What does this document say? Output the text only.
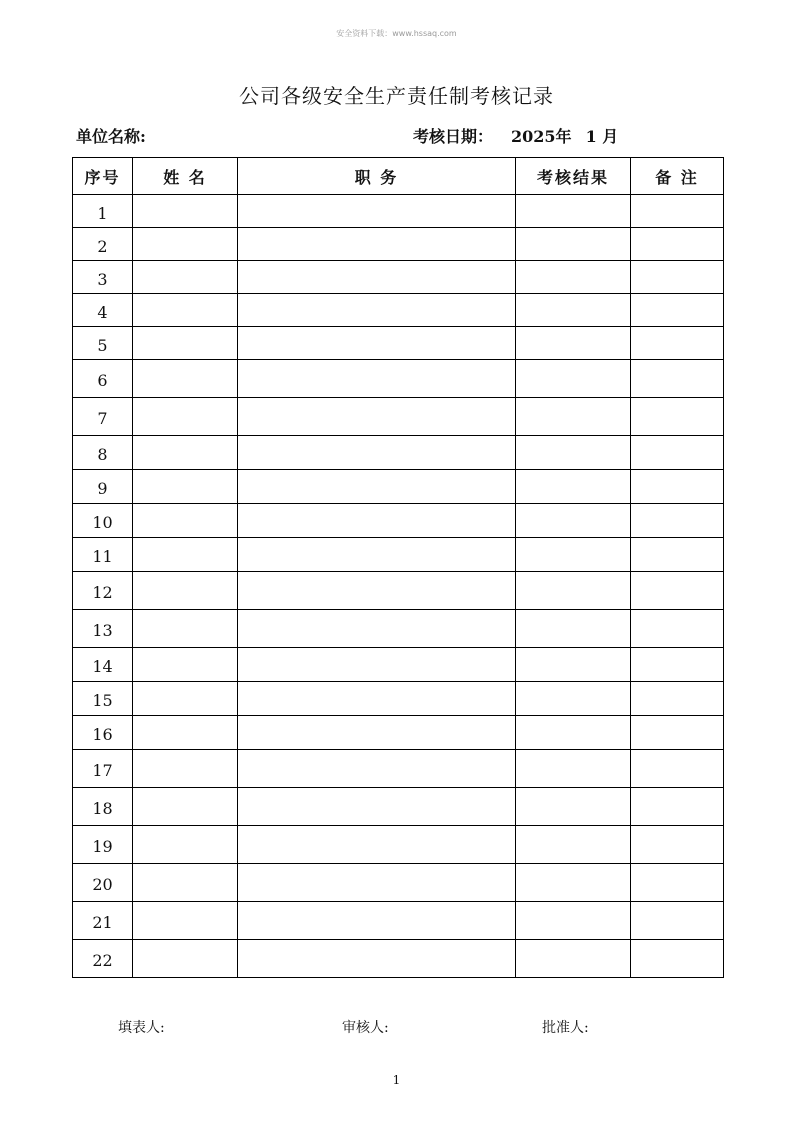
安全资料下载：www.hssaq.com
公司各级安全生产责任制考核记录
单位名称:	考核日期： 2025年 1 月
序号	姓 名	职 务	考核结果	备 注
1				
2				
3				
4				
5				
6				
7				
8				
9				
10				
11				
12				
13				
14				
15				
16				
17				
18				
19				
20				
21				
22				
填表人:	审核人:	批准人:
1
